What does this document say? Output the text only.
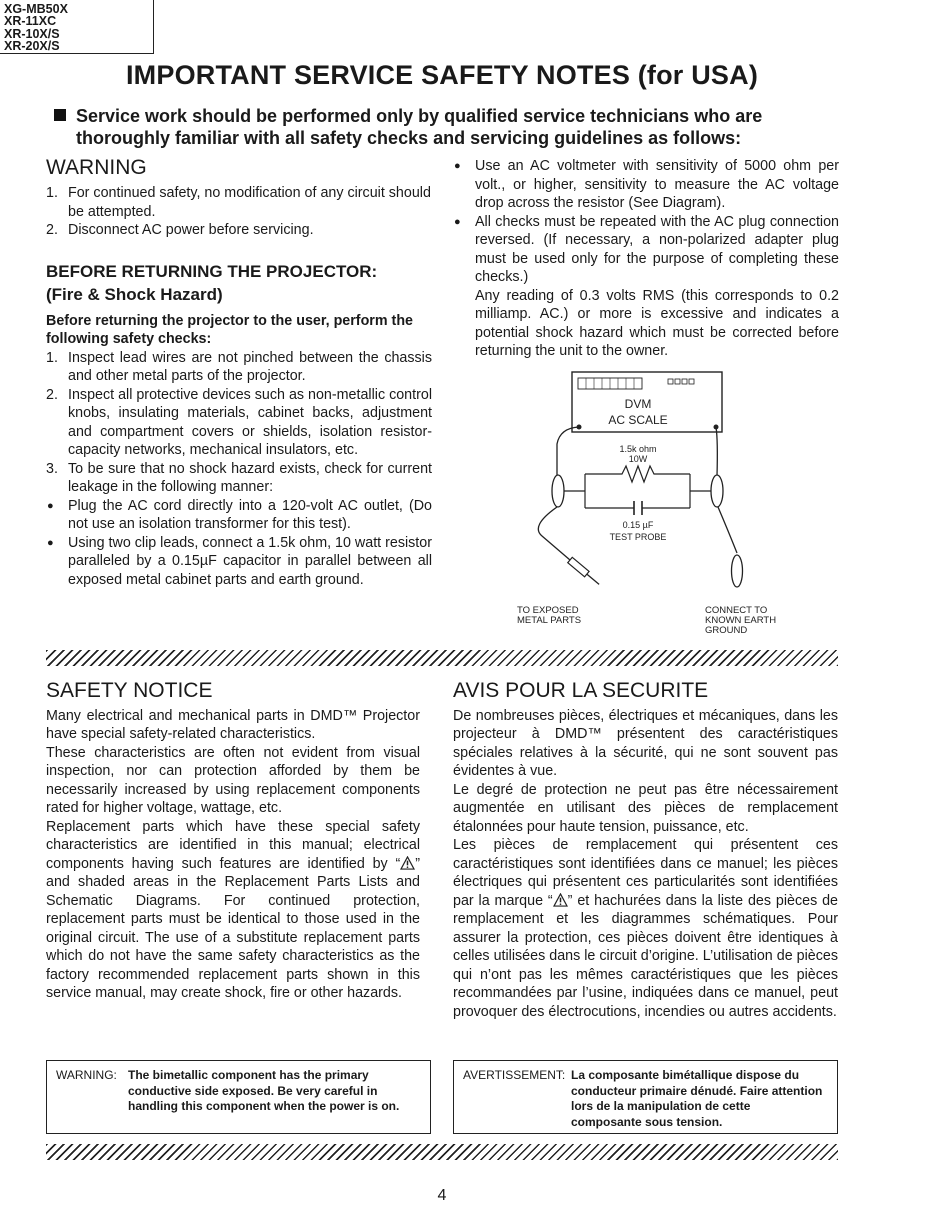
XG-MB50X
XR-11XC
XR-10X/S
XR-20X/S
IMPORTANT SERVICE SAFETY NOTES (for USA)
Service work should be performed only by qualified service technicians who are
thoroughly familiar with all safety checks and servicing guidelines as follows:
WARNING
1. For continued safety, no modification of any circuit should be attempted.
2. Disconnect AC power before servicing.
BEFORE RETURNING THE PROJECTOR:
(Fire & Shock Hazard)
Before returning the projector to the user, perform the following safety checks:
1. Inspect lead wires are not pinched between the chassis and other metal parts of the projector.
2. Inspect all protective devices such as non-metallic control knobs, insulating materials, cabinet backs, adjustment and compartment covers or shields, isolation resistor-capacity networks, mechanical insulators, etc.
3. To be sure that no shock hazard exists, check for current leakage in the following manner:
● Plug the AC cord directly into a 120-volt AC outlet, (Do not use an isolation transformer for this test).
● Using two clip leads, connect a 1.5k ohm, 10 watt resistor paralleled by a 0.15µF capacitor in parallel between all exposed metal cabinet parts and earth ground.
● Use an AC voltmeter with sensitivity of 5000 ohm per volt., or higher, sensitivity to measure the AC voltage drop across the resistor (See Diagram).
● All checks must be repeated with the AC plug connection reversed. (If necessary, a non-polarized adapter plug must be used only for the purpose of completing these checks.)
Any reading of 0.3 volts RMS (this corresponds to 0.2 milliamp. AC.) or more is excessive and indicates a potential shock hazard which must be corrected before returning the unit to the owner.
DVM
AC SCALE
1.5k ohm
10W
0.15 µF
TEST PROBE
TO EXPOSED
METAL PARTS
CONNECT TO
KNOWN EARTH
GROUND
SAFETY NOTICE
Many electrical and mechanical parts in DMD™ Projector have special safety-related characteristics.
These characteristics are often not evident from visual inspection, nor can protection afforded by them be necessarily increased by using replacement components rated for higher voltage, wattage, etc.
Replacement parts which have these special safety characteristics are identified in this manual; electrical components having such features are identified by “ ” and shaded areas in the Replacement Parts Lists and Schematic Diagrams. For continued protection, replacement parts must be identical to those used in the original circuit. The use of a substitute replacement parts which do not have the same safety characteristics as the factory recommended replacement parts shown in this service manual, may create shock, fire or other hazards.
AVIS POUR LA SECURITE
De nombreuses pièces, électriques et mécaniques, dans les projecteur à DMD™ présentent des caractéristiques spéciales relatives à la sécurité, qui ne sont souvent pas évidentes à vue.
Le degré de protection ne peut pas être nécessairement augmentée en utilisant des pièces de remplacement étalonnées pour haute tension, puissance, etc.
Les pièces de remplacement qui présentent ces caractéristiques sont identifiées dans ce manuel; les pièces électriques qui présentent ces particularités sont identifiées par la marque “ ” et hachurées dans la liste des pièces de remplacement et les diagrammes schématiques. Pour assurer la protection, ces pièces doivent être identiques à celles utilisées dans le circuit d’origine. L’utilisation de pièces qui n’ont pas les mêmes caractéristiques que les pièces recommandées par l’usine, indiquées dans ce manuel, peut provoquer des électrocutions, incendies ou autres accidents.
WARNING: The bimetallic component has the primary
conductive side exposed. Be very careful in
handling this component when the power is on.
AVERTISSEMENT: La composante bimétallique dispose du
conducteur primaire dénudé. Faire attention
lors de la manipulation de cette
composante sous tension.
4
